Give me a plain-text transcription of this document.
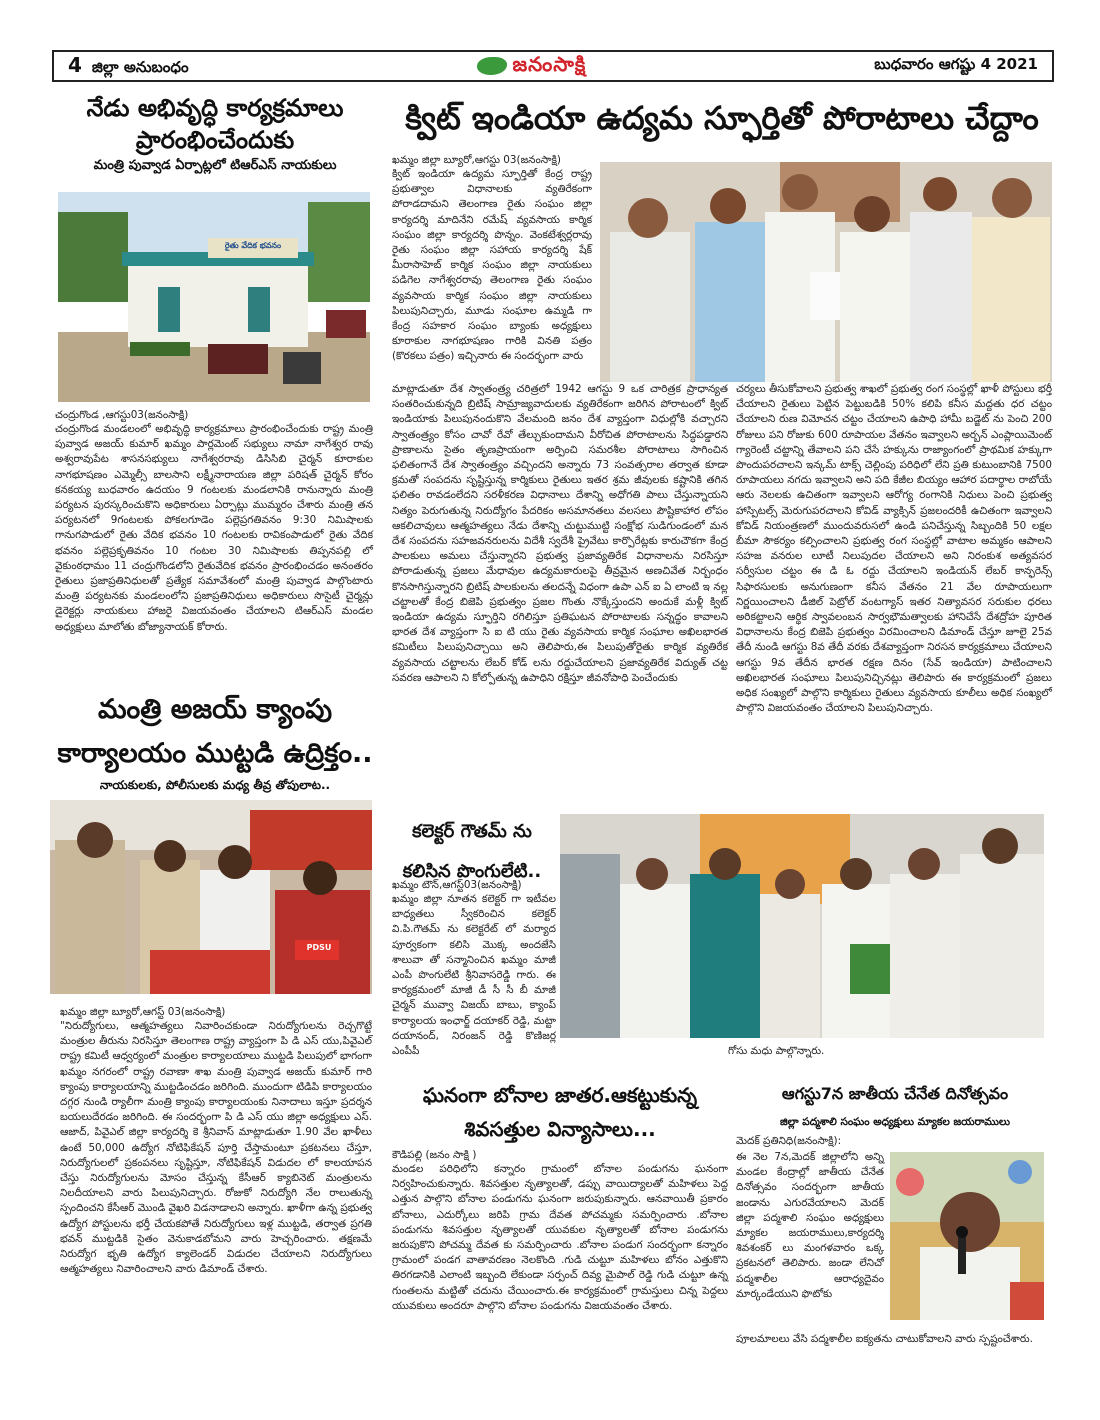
4 జిల్లా అనుబంధం	జనంసాక్షి	బుధవారం ఆగష్టు 4 2021
నేడు అభివృద్ధి కార్యక్రమాలు
ప్రారంభించేందుకు
మంత్రి పువ్వాడ ఏర్పాట్లలో టిఆర్ఎస్ నాయకులు
రైతు వేదిక భవనం
చంద్రుగొండ ,ఆగస్టు03(జనంసాక్షి)
చంద్రుగొండ మండలంలో అభివృద్ధి కార్యక్రమాలు ప్రారంభించేందుకు రాష్ట్ర మంత్రి పువ్వాడ అజయ్ కుమార్ ఖమ్మం పార్లమెంట్ సభ్యులు నామా నాగేశ్వర రావు అశ్వరావుపేట శాసనసభ్యులు నాగేశ్వరరావు డిసిసిబి చైర్మన్ కూరాకుల నాగభూషణం ఎమ్మెల్సీ బాలసాని లక్ష్మీనారాయణ జిల్లా పరిషత్ చైర్మన్ కోరం కనకయ్య బుధవారం ఉదయం 9 గంటలకు మండలానికి రానున్నారు మంత్రి పర్యటన పురస్కరించుకొని అధికారులు ఏర్పాట్లు ముమ్మరం చేశారు మంత్రి తన పర్యటనలో 9గంటలకు పోకలగూడెం పల్లెప్రగతివనం 9:30 నిమిషాలకు గానుగపాడులో రైతు వేదిక భవనం 10 గంటలకు రావికంపాడులో రైతు వేదిక భవనం పల్లెప్రకృతివనం 10 గంటల 30 నిమిషాలకు తిప్పనపల్లి లో వైకుంఠధామం 11 చంద్రుగొండలోని రైతువేదిక భవనం ప్రారంభించడం అనంతరం రైతులు ప్రజాప్రతినిధులతో ప్రత్యేక సమావేశంలో మంత్రి పువ్వాడ పాల్గొంటారు మంత్రి పర్యటనకు మండలంలోని ప్రజాప్రతినిధులు అధికారులు సొసైటీ చైర్మన్లు డైరెక్టర్లు నాయకులు హాజరై విజయవంతం చేయాలని టిఆర్ఎస్ మండల అధ్యక్షులు మాలోతు బోజ్యానాయక్ కోరారు.
క్విట్ ఇండియా ఉద్యమ స్ఫూర్తితో పోరాటాలు చేద్దాం
ఖమ్మం జిల్లా బ్యూరో,ఆగస్టు 03(జనంసాక్షి)
క్విట్ ఇండియా ఉద్యమ స్ఫూర్తితో కేంద్ర రాష్ట్ర ప్రభుత్వాల విధానాలకు వ్యతిరేకంగా పోరాడదామని తెలంగాణ రైతు సంఘం జిల్లా కార్యదర్శి మాదినేని రమేష్ వ్యవసాయ కార్మిక సంఘం జిల్లా కార్యదర్శి పొన్నం. వెంకటేశ్వర్లరావు రైతు సంఘం జిల్లా సహాయ కార్యదర్శి షేక్ మీరాసాహెబ్ కార్మిక సంఘం జిల్లా నాయకులు పడిగెల నాగేశ్వరరావు తెలంగాణ రైతు సంఘం వ్యవసాయ కార్మిక సంఘం జిల్లా నాయకులు పిలుపునిచ్చారు, మూడు సంఘాల ఉమ్మడి గా కేంద్ర సహకార సంఘం బ్యాంకు అధ్యక్షులు కూరాకుల నాగభూషణం గారికి వినతి పత్రం (కొరకలు పత్రం) ఇచ్చినారు ఈ సందర్భంగా వారు
మాట్లాడుతూ దేశ స్వాతంత్ర్య చరిత్రలో 1942 ఆగస్టు 9 ఒక చారిత్రక ప్రాధాన్యత సంతరించుకున్నది బ్రిటిష్ సామ్రాజ్యవాదులకు వ్యతిరేకంగా జరిగిన పోరాటంలో క్విట్ ఇండియాకు పిలుపునందుకొని వేలమంది జనం దేశ వ్యాప్తంగా విధుల్లోకి వచ్చారని స్వాతంత్ర్యం కోసం చావో రేవో తేల్చుకుందామని వీరోచిత పోరాటాలను సిద్ధపడ్డారని ప్రాణాలను సైతం తృణప్రాయంగా అర్పించి సమరశీల పోరాటాలు సాగించిన ఫలితంగానే దేశ స్వాతంత్ర్యం వచ్చిందని అన్నారు 73 సంవత్సరాల తర్వాత కూడా క్రమతో సంపదను సృష్టిస్తున్న కార్మికులు రైతులు ఇతర శ్రమ జీవులకు కష్టానికి తగిన ఫలితం రావడంలేదని సరళీకరణ విధానాలు దేశాన్ని అధోగతి పాలు చేస్తున్నాయని నిత్యం పెరుగుతున్న నిరుద్యోగం పేదరికం అసమానతలు వలసలు పౌష్టికాహార లోపం ఆకలిచావులు ఆత్మహత్యలు నేడు దేశాన్ని చుట్టుముట్టి సంక్షోభ సుడిగుండంలో మన దేశ సంపదను సహజవనరులను విదేశీ స్వదేశీ ప్రైవేటు కార్పొరేట్లకు కారుచౌకగా కేంద్ర పాలకులు అమలు చేస్తున్నారని ప్రభుత్వ ప్రజావ్యతిరేక విధానాలను నిరసిస్తూ పోరాడుతున్న ప్రజలు మేధావుల ఉద్యమకారులపై తీవ్రమైన అణచివేత నిర్బంధం కొనసాగిస్తున్నారని బ్రిటిష్ పాలకులను తలదన్నే విధంగా ఉపా ఎన్ ఐ ఏ లాంటి ఇ నల్ల చట్టాలతో కేంద్ర బిజెపి ప్రభుత్వం ప్రజల గొంతు నొక్కేస్తుందని అందుకే మళ్లీ క్విట్ ఇండియా ఉద్యమ స్ఫూర్తిని రగిలిస్తూ ప్రతిఘటన పోరాటాలకు సన్నద్ధం కావాలని భారత దేశ వ్యాప్తంగా సి ఐ టి యు రైతు వ్యవసాయ కార్మిక సంఘాల అఖిలభారత కమిటీలు పిలుపునిచ్చాయి అని తెలిపారు,ఈ పిలుపుతోరైతు కార్మిక వ్యతిరేక వ్యవసాయ చట్టాలను లేబర్ కోడ్ లను రద్దుచేయాలని ప్రజావ్యతిరేక విద్యుత్ చట్ట సవరణ ఆపాలని ని కోల్పోతున్న ఉపాధిని రక్షిస్తూ జీవనోపాధి పెంచేందుకు
చర్యలు తీసుకోవాలని ప్రభుత్వ శాఖలో ప్రభుత్వ రంగ సంస్థల్లో ఖాళీ పోస్టులు భర్తీ చేయాలని రైతులు పెట్టిన పెట్టుబడికి 50% కలిపి కనీస మద్దతు ధర చట్టం చేయాలని రుణ విమోచన చట్టం చేయాలని ఉపాధి హామీ బడ్జెట్ ను పెంచి 200 రోజులు పని రోజుకు 600 రూపాయల వేతనం ఇవ్వాలని అర్బన్ ఎంప్లాయిమెంట్ గ్యారెంటీ చట్టాన్ని తేవాలని పని చేసే హక్కును రాజ్యాంగంలో ప్రాథమిక హక్కుగా పొందుపరచాలని ఇన్కమ్ టాక్స్ చెల్లింపు పరిధిలో లేని ప్రతి కుటుంబానికి 7500 రూపాయలు నగదు ఇవ్వాలని అని పది కేజీల బియ్యం ఆహార పదార్థాల రాబోయే ఆరు నెలలకు ఉచితంగా ఇవ్వాలని ఆరోగ్య రంగానికి నిధులు పెంచి ప్రభుత్వ హాస్పిటల్స్ మెరుగుపరచాలని కోవిడ్ వ్యాక్సిన్ ప్రజలందరికీ ఉచితంగా ఇవ్వాలని కోవిడ్ నియంత్రణలో ముందువరుసలో ఉండి పనిచేస్తున్న సిబ్బందికి 50 లక్షల బీమా సౌకర్యం కల్పించాలని ప్రభుత్వ రంగ సంస్థల్లో వాటాల అమ్మకం ఆపాలని సహజ వనరుల లూటీ నిలుపుదల చేయాలని అని నిరంకుశ అత్యవసర సర్వీసుల చట్టం ఈ డి ఓ రద్దు చేయాలని ఇండియన్ లేబర్ కాన్ఫరెన్స్ సిఫారసులకు అనుగుణంగా కనీస వేతనం 21 వేల రూపాయలుగా నిర్ణయించాలని డీజిల్ పెట్రోల్ వంటగ్యాస్ ఇతర నిత్యావసర సరుకుల ధరలు అరికట్టాలని ఆర్థిక స్వావలంబన సార్వభౌమత్వాలకు హానిచేసే దేశద్రోహ పూరిత విధానాలను కేంద్ర బిజెపి ప్రభుత్వం విరమించాలని డిమాండ్ చేస్తూ జూలై 25వ తేదీ నుండి ఆగస్టు 8వ తేదీ వరకు దేశవ్యాప్తంగా నిరసన కార్యక్రమాలు చేయాలని ఆగస్టు 9వ తేదీన భారత రక్షణ దినం (సేవ్ ఇండియా) పాటించాలని అఖిలభారత సంఘాలు పిలుపునిచ్చినట్లు తెలిపారు ఈ కార్యక్రమంలో ప్రజలు అధిక సంఖ్యలో పాల్గొని కార్మికులు రైతులు వ్యవసాయ కూలీలు అధిక సంఖ్యలో పాల్గొని విజయవంతం చేయాలని పిలుపునిచ్చారు.
మంత్రి అజయ్ క్యాంపు
కార్యాలయం ముట్టడి ఉద్రిక్తం..
నాయకులకు, పోలీసులకు మధ్య తీవ్ర తోపులాట..
PDSU
ఖమ్మం జిల్లా బ్యూరో,ఆగస్ట్ 03(జనంసాక్షి)
"నిరుద్యోగులు, ఆత్మహత్యలు నివారించకుండా నిరుద్యోగులను రెచ్చగొట్టే మంత్రుల తీరును నిరసిస్తూ తెలంగాణ రాష్ట్ర వ్యాప్తంగా పి డి ఎస్ యు,పివైఎల్ రాష్ట్ర కమిటీ ఆధ్వర్యంలో మంత్రుల కార్యాలయాలు ముట్టడి పిలుపులో భాగంగా ఖమ్మం నగరంలో రాష్ట్ర రవాణా శాఖ మంత్రి పువ్వాడ అజయ్ కుమార్ గారి క్యాంపు కార్యాలయాన్ని ముట్టడించడం జరిగింది. ముందుగా టిడిపి కార్యాలయం దగ్గర నుండి ర్యాలీగా మంత్రి క్యాంపు కార్యాలయంకు నినాదాలు ఇస్తూ ప్రదర్శన బయలుదేరడం జరిగింది. ఈ సందర్భంగా పి డి ఎస్ యు జిల్లా అధ్యక్షులు ఎస్. ఆజాద్, పివైఎల్ జిల్లా కార్యదర్శి కె శ్రీనివాస్ మాట్లాడుతూ 1.90 వేల ఖాళీలు ఉంటే 50,000 ఉద్యోగ నోటిఫికేషన్ పూర్తి చేస్తామంటూ ప్రకటనలు చేస్తూ, నిరుద్యోగులలో ప్రకంపనలు సృష్టిస్తూ, నోటిఫికేషన్ విడుదల లో కాలయాపన చేస్తు నిరుద్యోగులను మోసం చేస్తున్న కేసీఆర్ క్యాబినెట్ మంత్రులను నిలదీయాలని వారు పిలుపునిచ్చారు. రోజుకో నిరుద్యోగి నేల రాలుతున్న స్పందించని కేసీఆర్ మొండి వైఖరి విడనాడాలని అన్నారు. ఖాళీగా ఉన్న ప్రభుత్వ ఉద్యోగ పోస్టులను భర్తీ చేయకపోతే నిరుద్యోగులు ఇళ్ల ముట్టడి, తర్వాత ప్రగతి భవన్ ముట్టడికి సైతం వెనుకాడబోమని వారు హెచ్చరించారు. తక్షణమే నిరుద్యోగ భృతి ఉద్యోగ క్యాలెండర్ విడుదల చేయాలని నిరుద్యోగులు ఆత్మహత్యలు నివారించాలని వారు డిమాండ్ చేశారు.
కలెక్టర్ గౌతమ్ ను
కలిసిన పొంగులేటి..
ఖమ్మం టౌన్,ఆగస్ట్03(జనంసాక్షి)
ఖమ్మం జిల్లా నూతన కలెక్టర్ గా ఇటీవల బాధ్యతలు స్వీకరించిన కలెక్టర్ వి.పి.గౌతమ్ ను కలెక్టరేట్ లో మర్యాద పూర్వకంగా కలిసి మొక్క అందజేసి శాలువా తో సన్మానించిన ఖమ్మం మాజీ ఎంపీ పొంగులేటి శ్రీనివాసరెడ్డి గారు. ఈ కార్యక్రమంలో మాజీ డీ సీ సీ బీ మాజీ చైర్మన్ మువ్వా విజయ్ బాబు, క్యాంప్ కార్యాలయ ఇంఛార్జ్ దయాకర్ రెడ్డి, మట్టా దయానంద్, నిరంజన్ రెడ్డి కొణిజర్ల ఎంపీపీ	గోసు మధు పాల్గొన్నారు.
ఘనంగా బోనాల జాతర.ఆకట్టుకున్న
శివసత్తుల విన్యాసాలు...
కౌడిపల్లి (జనం సాక్షి )
మండల పరిధిలోని కన్నారం గ్రామంలో బోనాల పండుగను ఘనంగా నిర్వహించుకున్నారు. శివసత్తుల నృత్యాలతో, డప్పు వాయిద్యాలతో మహిళలు పెద్ద ఎత్తున పాల్గొని బోనాల పండుగను ఘనంగా జరుపుకున్నారు. ఆనవాయితీ ప్రకారం బోనాలు, ఎదుర్కోలు జరిపి గ్రామ దేవత పోచమ్మకు సమర్పించారు .బోనాల పండుగను శివసత్తుల నృత్యాలతో యువకుల నృత్యాలతో బోనాల పండుగను జరుపుకొని పోచమ్మ దేవత కు సమర్పించారు .బోనాల పండుగ సందర్భంగా కన్నారం గ్రామంలో పండగ వాతావరణం నెలకొంది .గుడి చుట్టూ మహిళలు బోనం ఎత్తుకొని తిరగడానికి ఎలాంటి ఇబ్బంది లేకుండా సర్పంచ్ దివ్య మైపాల్ రెడ్డి గుడి చుట్టూ ఉన్న గుంతలను మట్టితో చదును చేయించారు.ఈ కార్యక్రమంలో గ్రామస్తులు చిన్న పెద్దలు యువకులు అందరూ పాల్గొని బోనాల పండుగను విజయవంతం చేశారు.
ఆగస్టు7న జాతీయ చేనేత దినోత్సవం
జిల్లా పద్మశాలి సంఘం అధ్యక్షులు మ్యాకల జయరాములు
మెదక్ ప్రతినిధి(జనంసాక్షి):
ఈ నెల 7న,మెదక్ జిల్లాలోని అన్ని మండల కేంద్రాల్లో జాతీయ చేనేత దినోత్సవం సందర్భంగా జాతీయ జండాను ఎగురవేయాలని మెదక్ జిల్లా పద్మశాలి సంఘం అధ్యక్షులు మ్యాకల జయరాములు,కార్యదర్శి శివశంకర్ లు మంగళవారం ఒక్క ప్రకటనలో తెలిపారు. జండా లేనిచో పద్మశాలీల ఆరాధ్యదైవం మార్కండేయుని ఫొటోకు
పూలమాలలు వేసి పద్మశాలీల ఐక్యతను చాటుకోవాలని వారు స్పష్టంచేశారు.
